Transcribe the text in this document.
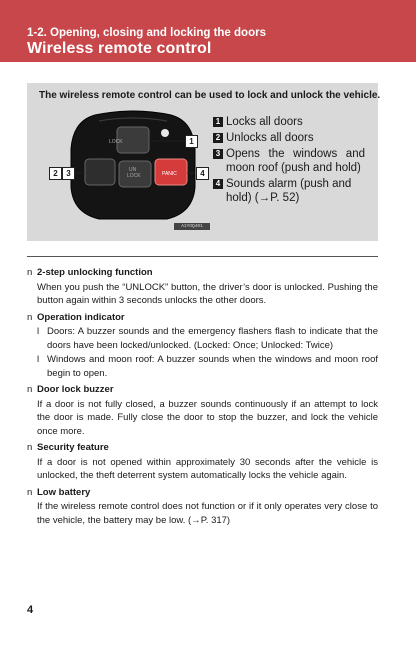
1-2. Opening, closing and locking the doors
Wireless remote control
The wireless remote control can be used to lock and unlock the vehicle.
LOCK
UN
LOCK	PANIC
1
2	3	4
A1YOQ401
1 Locks all doors
2 Unlocks all doors
3 Opens the windows and moon roof (push and hold)
4 Sounds alarm (push and hold) (→P. 52)
n 2-step unlocking function
When you push the “UNLOCK” button, the driver’s door is unlocked. Pushing the button again within 3 seconds unlocks the other doors.
n Operation indicator
l Doors: A buzzer sounds and the emergency flashers flash to indicate that the doors have been locked/unlocked. (Locked: Once; Unlocked: Twice)
l Windows and moon roof: A buzzer sounds when the windows and moon roof begin to open.
n Door lock buzzer
If a door is not fully closed, a buzzer sounds continuously if an attempt to lock the door is made. Fully close the door to stop the buzzer, and lock the vehicle once more.
n Security feature
If a door is not opened within approximately 30 seconds after the vehicle is unlocked, the theft deterrent system automatically locks the vehicle again.
n Low battery
If the wireless remote control does not function or if it only operates very close to the vehicle, the battery may be low. (→P. 317)
4
